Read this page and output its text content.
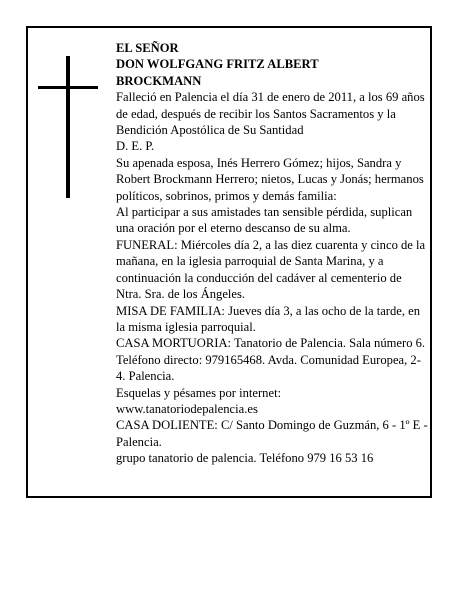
EL SEÑOR

DON WOLFGANG FRITZ ALBERT

BROCKMANN

Falleció en Palencia el día 31 de enero de 2011, a los 69 años de edad, después de recibir los Santos Sacramentos y la Bendición Apostólica de Su Santidad

D. E. P.

Su apenada esposa, Inés Herrero Gómez; hijos, Sandra y Robert Brockmann Herrero; nietos, Lucas y Jonás; hermanos políticos, sobrinos, primos y demás familia:

Al participar a sus amistades tan sensible pérdida, suplican una oración por el eterno descanso de su alma.

FUNERAL: Miércoles día 2, a las diez cuarenta y cinco de la mañana, en la iglesia parroquial de Santa Marina, y a continuación la conducción del cadáver al cementerio de Ntra. Sra. de los Ángeles.

MISA DE FAMILIA: Jueves día 3, a las ocho de la tarde, en la misma iglesia parroquial.

CASA MORTUORIA: Tanatorio de Palencia. Sala número 6. Teléfono directo: 979165468. Avda. Comunidad Europea, 2-4. Palencia.

Esquelas y pésames por internet:

www.tanatoriodepalencia.es

CASA DOLIENTE: C/ Santo Domingo de Guzmán, 6 - 1º E - Palencia.

grupo tanatorio de palencia. Teléfono 979 16 53 16
